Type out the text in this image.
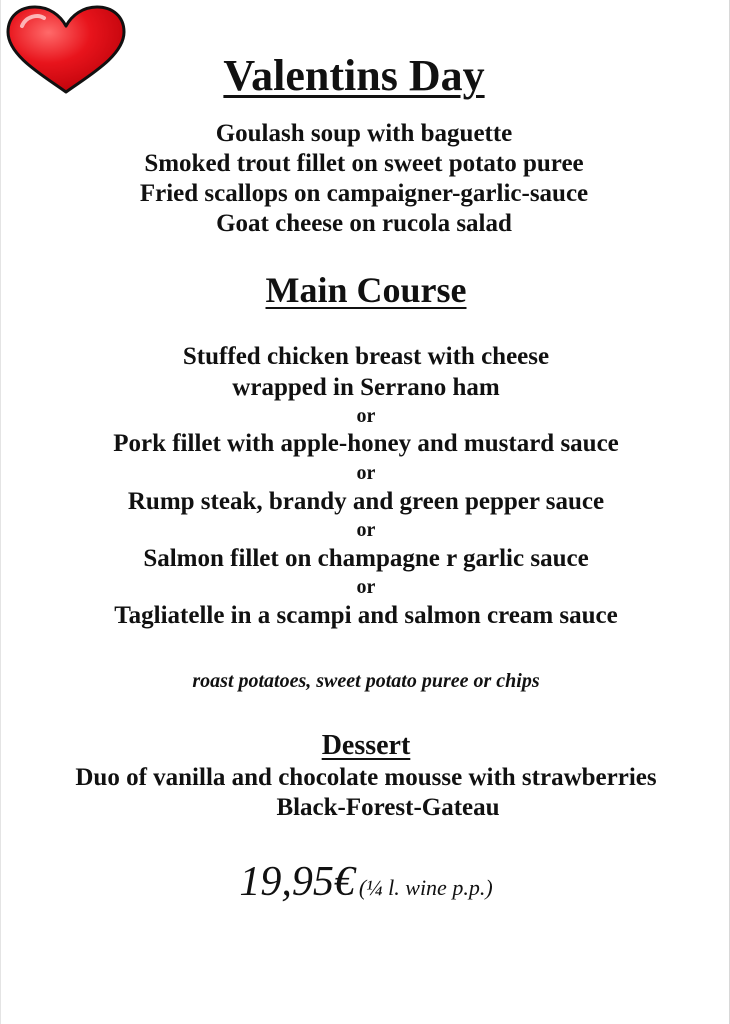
Valentins Day
Goulash soup with baguette
Smoked trout fillet on sweet potato puree
Fried scallops on campaigner-garlic-sauce
Goat cheese on rucola salad
Main Course
Stuffed chicken breast with cheese
wrapped in Serrano ham
or
Pork fillet with apple-honey and mustard sauce
or
Rump steak, brandy and green pepper sauce
or
Salmon fillet on champagne r garlic sauce
or
Tagliatelle in a scampi and salmon cream sauce
roast potatoes, sweet potato puree or chips
Dessert
Duo of vanilla and chocolate mousse with strawberries
Black-Forest-Gateau
19,95€ (¼ l. wine p.p.)
